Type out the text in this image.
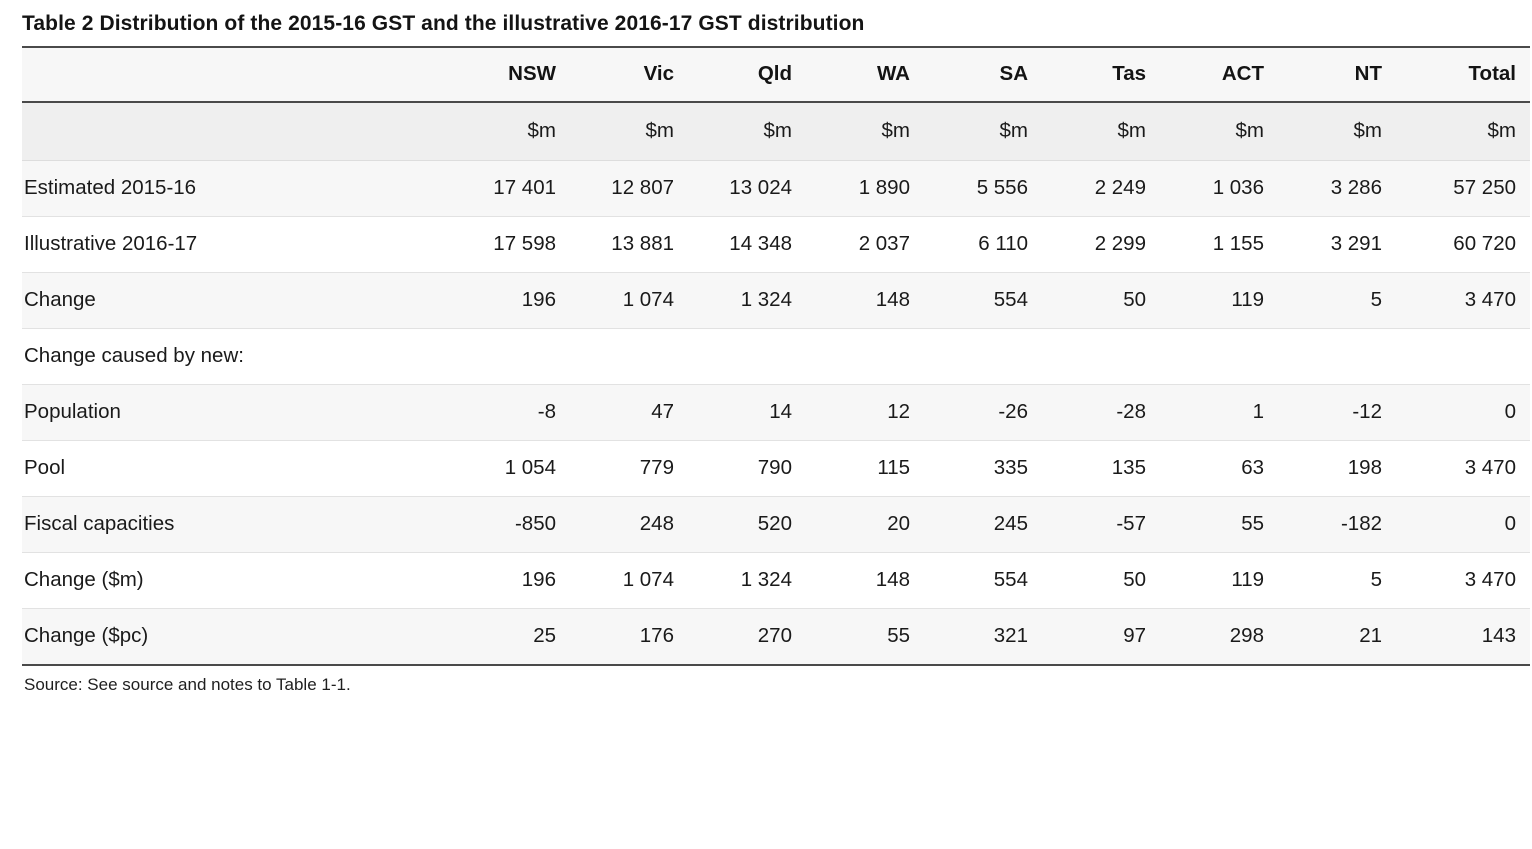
Table 2 Distribution of the 2015-16 GST and the illustrative 2016-17 GST distribution
	NSW	Vic	Qld	WA	SA	Tas	ACT	NT	Total
	$m	$m	$m	$m	$m	$m	$m	$m	$m
Estimated 2015-16	17 401	12 807	13 024	1 890	5 556	2 249	1 036	3 286	57 250
Illustrative 2016-17	17 598	13 881	14 348	2 037	6 110	2 299	1 155	3 291	60 720
Change	196	1 074	1 324	148	554	50	119	5	3 470
Change caused by new:									
Population	-8	47	14	12	-26	-28	1	-12	0
Pool	1 054	779	790	115	335	135	63	198	3 470
Fiscal capacities	-850	248	520	20	245	-57	55	-182	0
Change ($m)	196	1 074	1 324	148	554	50	119	5	3 470
Change ($pc)	25	176	270	55	321	97	298	21	143
Source: See source and notes to Table 1-1.
